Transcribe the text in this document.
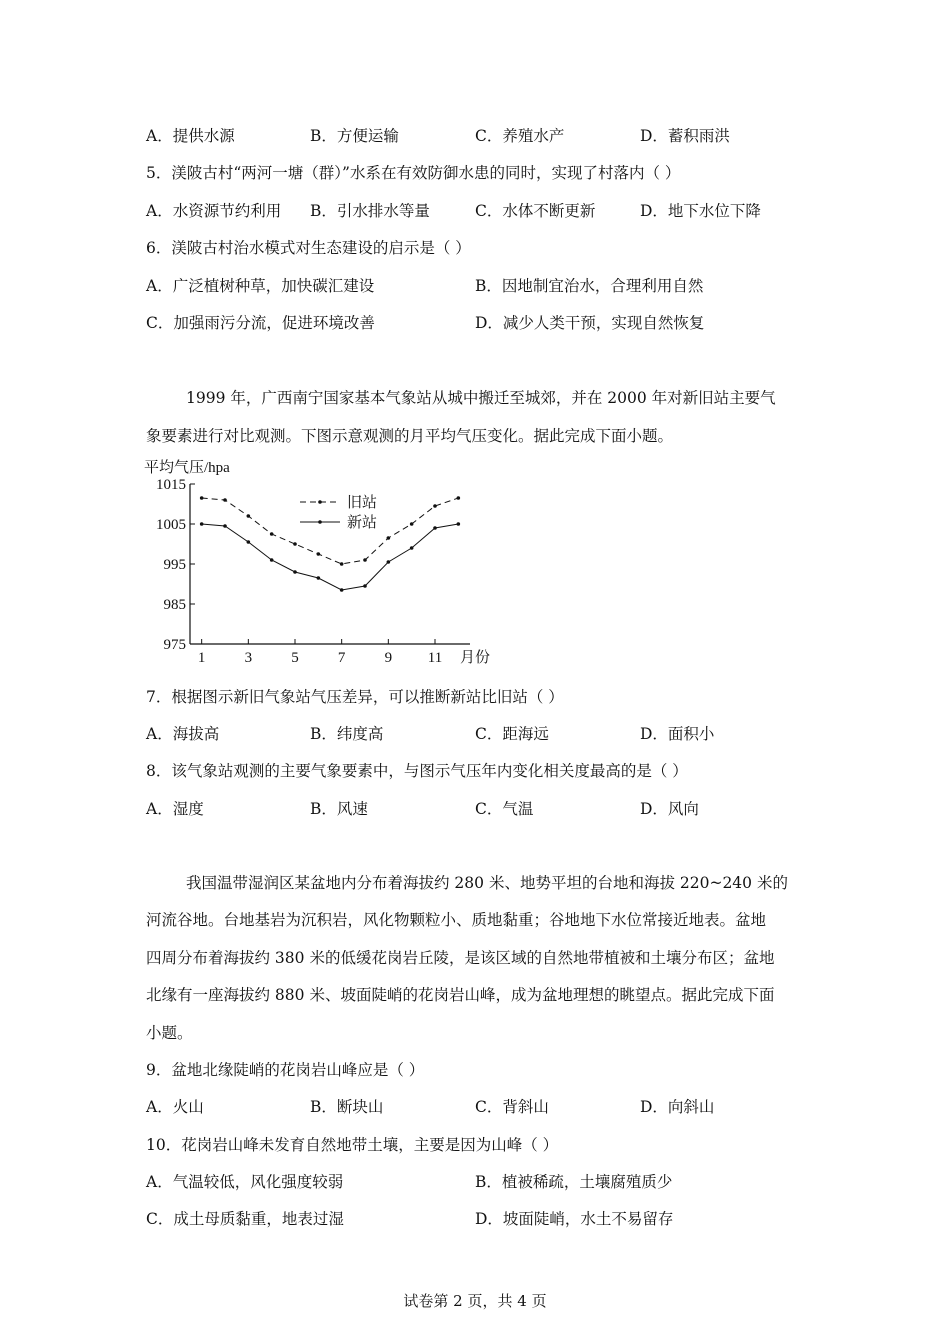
A．提供水源	B．方便运输	C．养殖水产	D．蓄积雨洪
5．渼陂古村“两河一塘（群）”水系在有效防御水患的同时，实现了村落内（ ）
A．水资源节约利用 B．引水排水等量	C．水体不断更新	D．地下水位下降
6．渼陂古村治水模式对生态建设的启示是（ ）
A．广泛植树种草，加快碳汇建设	B．因地制宜治水，合理利用自然
C．加强雨污分流，促进环境改善	D．减少人类干预，实现自然恢复
1999 年，广西南宁国家基本气象站从城中搬迁至城郊，并在 2000 年对新旧站主要气
象要素进行对比观测。下图示意观测的月平均气压变化。据此完成下面小题。
平均气压/hpa
1015
1005
995
985
975
1	3	5	7	9 11
旧站
新站
月份
7．根据图示新旧气象站气压差异，可以推断新站比旧站（ ）
A．海拔高	B．纬度高	C．距海远	D．面积小
8．该气象站观测的主要气象要素中，与图示气压年内变化相关度最高的是（ ）
A．湿度	B．风速	C．气温	D．风向
我国温带湿润区某盆地内分布着海拔约 280 米、地势平坦的台地和海拔 220~240 米的
河流谷地。台地基岩为沉积岩，风化物颗粒小、质地黏重；谷地地下水位常接近地表。盆地
四周分布着海拔约 380 米的低缓花岗岩丘陵，是该区域的自然地带植被和土壤分布区；盆地
北缘有一座海拔约 880 米、坡面陡峭的花岗岩山峰，成为盆地理想的眺望点。据此完成下面
小题。
9．盆地北缘陡峭的花岗岩山峰应是（ ）
A．火山	B．断块山	C．背斜山	D．向斜山
10．花岗岩山峰未发育自然地带土壤，主要是因为山峰（ ）
A．气温较低，风化强度较弱	B．植被稀疏，土壤腐殖质少
C．成土母质黏重，地表过湿	D．坡面陡峭，水土不易留存
试卷第 2 页，共 4 页
